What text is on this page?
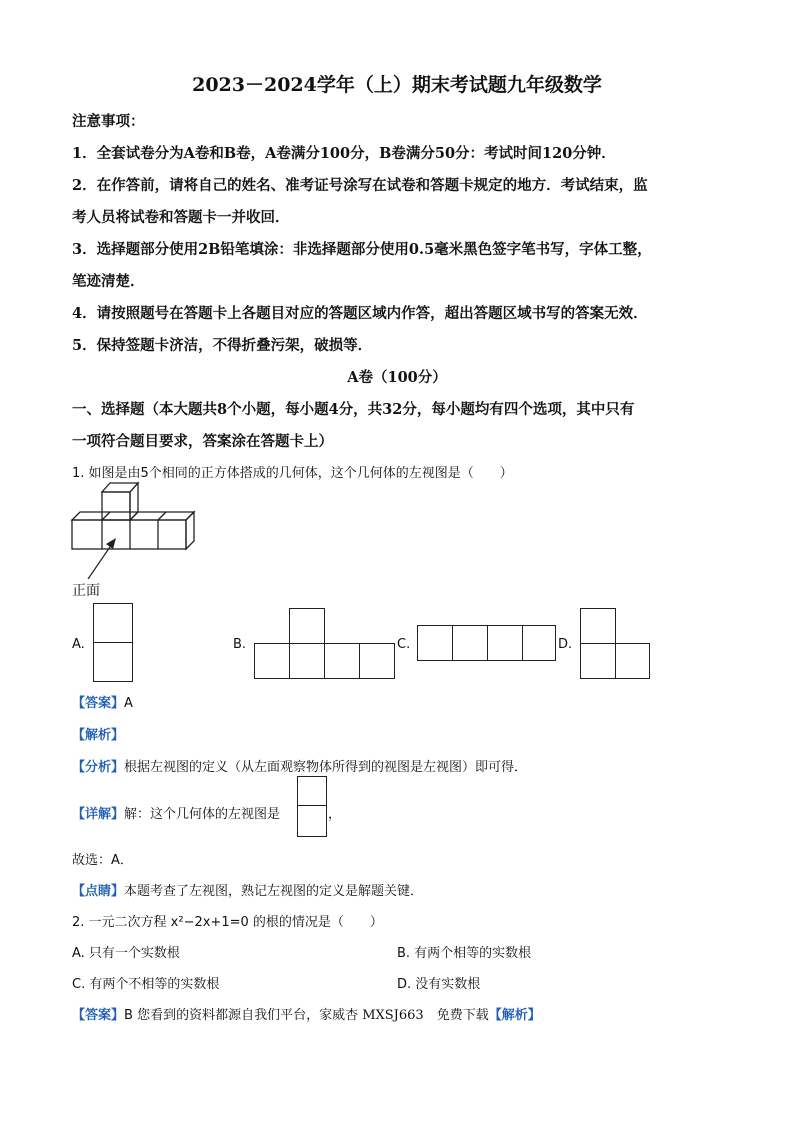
2023－2024学年（上）期末考试题九年级数学
注意事项：
1．全套试卷分为A卷和B卷，A卷满分100分，B卷满分50分：考试时间120分钟．
2．在作答前，请将自己的姓名、准考证号涂写在试卷和答题卡规定的地方．考试结束，监
考人员将试卷和答题卡一并收回．
3．选择题部分使用2B铅笔填涂：非选择题部分使用0.5毫米黑色签字笔书写，字体工整，
笔迹清楚．
4．请按照题号在答题卡上各题目对应的答题区域内作答，超出答题区域书写的答案无效．
5．保持签题卡济洁，不得折叠污架，破损等．
A卷（100分）
一、选择题（本大题共8个小题，每小题4分，共32分，每小题均有四个选项，其中只有
一项符合题目要求，答案涂在答题卡上）
1. 如图是由5个相同的正方体搭成的几何体，这个几何体的左视图是（　　）
正面
A.	B.	C.	D.
【答案】A
【解析】
【分析】根据左视图的定义（从左面观察物体所得到的视图是左视图）即可得．
【详解】解：这个几何体的左视图是	，
故选：A．
【点睛】本题考查了左视图，熟记左视图的定义是解题关键．
2. 一元二次方程 x²−2x+1=0 的根的情况是（　　）
A. 只有一个实数根	B. 有两个相等的实数根
C. 有两个不相等的实数根	D. 没有实数根
【答案】B 您看到的资料都源自我们平台，家威杏 MXSJ663　免费下载【解析】
